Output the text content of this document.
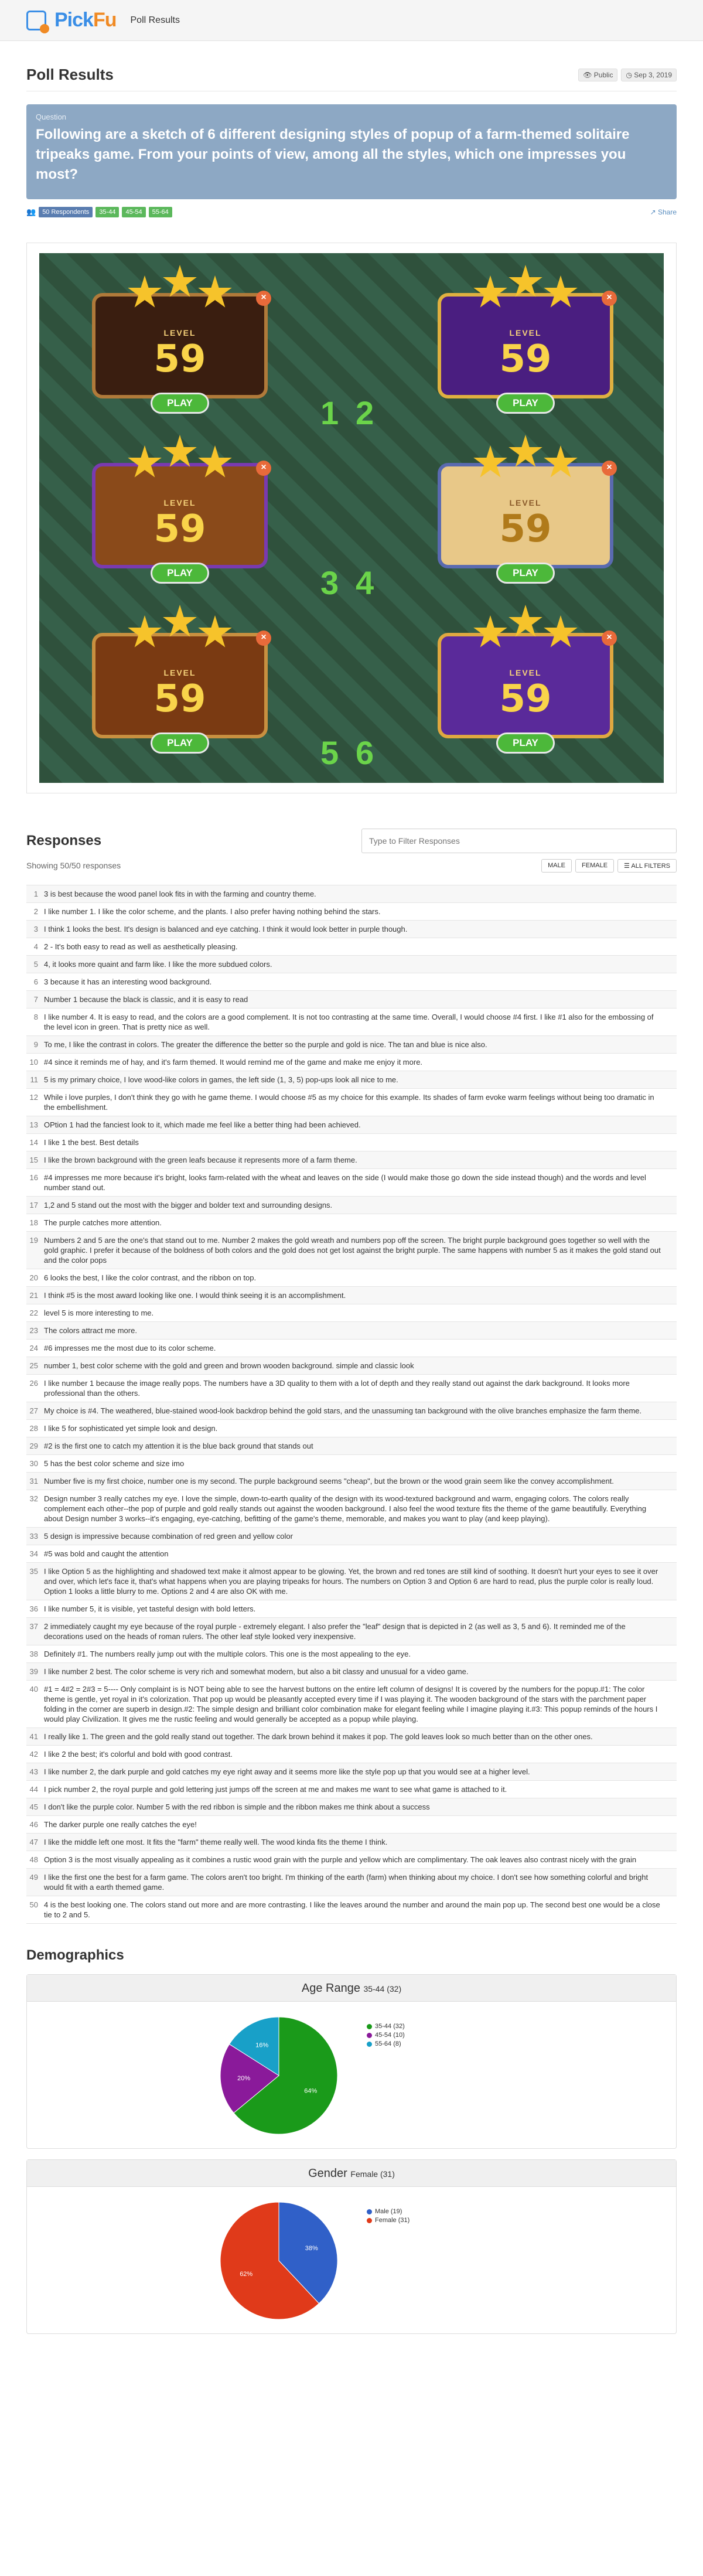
Pick Fu Poll Results
Poll Results	👁 Public	◷ Sep 3, 2019
Question
Following are a sketch of 6 different designing styles of popup of a farm-themed solitaire tripeaks game. From your points of view, among all the styles, which one impresses you most?
👥	50 Respondents	35-44	45-54	55-64	↗ Share
LEVEL
59
PLAY
×
LEVEL
59
PLAY
×
LEVEL
59
PLAY
×
LEVEL
59
PLAY
×
LEVEL
59
PLAY
×
LEVEL
59
PLAY
×
1 2
3 4
5 6
Responses
Type to Filter Responses
Showing 50/50 responses	MALE	FEMALE	☰ ALL FILTERS
1 3 is best because the wood panel look fits in with the farming and country theme.
2 I like number 1. I like the color scheme, and the plants. I also prefer having nothing behind the stars.
3 I think 1 looks the best. It's design is balanced and eye catching. I think it would look better in purple though.
4 2 - It's both easy to read as well as aesthetically pleasing.
5 4, it looks more quaint and farm like. I like the more subdued colors.
6 3 because it has an interesting wood background.
7 Number 1 because the black is classic, and it is easy to read
8 I like number 4. It is easy to read, and the colors are a good complement. It is not too contrasting at the same time. Overall, I would choose #4 first. I like #1 also for the embossing of the level icon in green. That is pretty nice as well.
9 To me, I like the contrast in colors. The greater the difference the better so the purple and gold is nice. The tan and blue is nice also.
10 #4 since it reminds me of hay, and it's farm themed. It would remind me of the game and make me enjoy it more.
11 5 is my primary choice, I love wood-like colors in games, the left side (1, 3, 5) pop-ups look all nice to me.
12 While i love purples, I don't think they go with he game theme. I would choose #5 as my choice for this example. Its shades of farm evoke warm feelings without being too dramatic in the embellishment.
13 OPtion 1 had the fanciest look to it, which made me feel like a better thing had been achieved.
14 I like 1 the best. Best details
15 I like the brown background with the green leafs because it represents more of a farm theme.
16 #4 impresses me more because it's bright, looks farm-related with the wheat and leaves on the side (I would make those go down the side instead though) and the words and level number stand out.
17 1,2 and 5 stand out the most with the bigger and bolder text and surrounding designs.
18 The purple catches more attention.
19 Numbers 2 and 5 are the one's that stand out to me. Number 2 makes the gold wreath and numbers pop off the screen. The bright purple background goes together so well with the gold graphic. I prefer it because of the boldness of both colors and the gold does not get lost against the bright purple. The same happens with number 5 as it makes the gold stand out and the color pops
20 6 looks the best, I like the color contrast, and the ribbon on top.
21 I think #5 is the most award looking like one. I would think seeing it is an accomplishment.
22 level 5 is more interesting to me.
23 The colors attract me more.
24 #6 impresses me the most due to its color scheme.
25 number 1, best color scheme with the gold and green and brown wooden background. simple and classic look
26 I like number 1 because the image really pops. The numbers have a 3D quality to them with a lot of depth and they really stand out against the dark background. It looks more professional than the others.
27 My choice is #4. The weathered, blue-stained wood-look backdrop behind the gold stars, and the unassuming tan background with the olive branches emphasize the farm theme.
28 I like 5 for sophisticated yet simple look and design.
29 #2 is the first one to catch my attention it is the blue back ground that stands out
30 5 has the best color scheme and size imo
31 Number five is my first choice, number one is my second. The purple background seems "cheap", but the brown or the wood grain seem like the convey accomplishment.
32 Design number 3 really catches my eye. I love the simple, down-to-earth quality of the design with its wood-textured background and warm, engaging colors. The colors really complement each other--the pop of purple and gold really stands out against the wooden background. I also feel the wood texture fits the theme of the game beautifully. Everything about Design number 3 works--it's engaging, eye-catching, befitting of the game's theme, memorable, and makes you want to play (and keep playing).
33 5 design is impressive because combination of red green and yellow color
34 #5 was bold and caught the attention
35 I like Option 5 as the highlighting and shadowed text make it almost appear to be glowing. Yet, the brown and red tones are still kind of soothing. It doesn't hurt your eyes to see it over and over, which let's face it, that's what happens when you are playing tripeaks for hours. The numbers on Option 3 and Option 6 are hard to read, plus the purple color is really loud. Option 1 looks a little blurry to me. Options 2 and 4 are also OK with me.
36 I like number 5, it is visible, yet tasteful design with bold letters.
37 2 immediately caught my eye because of the royal purple - extremely elegant. I also prefer the "leaf" design that is depicted in 2 (as well as 3, 5 and 6). It reminded me of the decorations used on the heads of roman rulers. The other leaf style looked very inexpensive.
38 Definitely #1. The numbers really jump out with the multiple colors. This one is the most appealing to the eye.
39 I like number 2 best. The color scheme is very rich and somewhat modern, but also a bit classy and unusual for a video game.
40 #1 = 4#2 = 2#3 = 5---- Only complaint is is NOT being able to see the harvest buttons on the entire left column of designs! It is covered by the numbers for the popup.#1: The color theme is gentle, yet royal in it's colorization. That pop up would be pleasantly accepted every time if I was playing it. The wooden background of the stars with the parchment paper folding in the corner are superb in design.#2: The simple design and brilliant color combination make for elegant feeling while I imagine playing it.#3: This popup reminds of the hours I would play Civilization. It gives me the rustic feeling and would generally be accepted as a popup while playing.
41 I really like 1. The green and the gold really stand out together. The dark brown behind it makes it pop. The gold leaves look so much better than on the other ones.
42 I like 2 the best; it's colorful and bold with good contrast.
43 I like number 2, the dark purple and gold catches my eye right away and it seems more like the style pop up that you would see at a higher level.
44 I pick number 2, the royal purple and gold lettering just jumps off the screen at me and makes me want to see what game is attached to it.
45 I don't like the purple color. Number 5 with the red ribbon is simple and the ribbon makes me think about a success
46 The darker purple one really catches the eye!
47 I like the middle left one most. It fits the "farm" theme really well. The wood kinda fits the theme I think.
48 Option 3 is the most visually appealing as it combines a rustic wood grain with the purple and yellow which are complimentary. The oak leaves also contrast nicely with the grain
49 I like the first one the best for a farm game. The colors aren't too bright. I'm thinking of the earth (farm) when thinking about my choice. I don't see how something colorful and bright would fit with a earth themed game.
50 4 is the best looking one. The colors stand out more and are more contrasting. I like the leaves around the number and around the main pop up. The second best one would be a close tie to 2 and 5.
Demographics
Age Range 35-44 (32)
64%
20%
16%
35-44 (32)
45-54 (10)
55-64 (8)
Gender Female (31)
38%
62%
Male (19)
Female (31)
